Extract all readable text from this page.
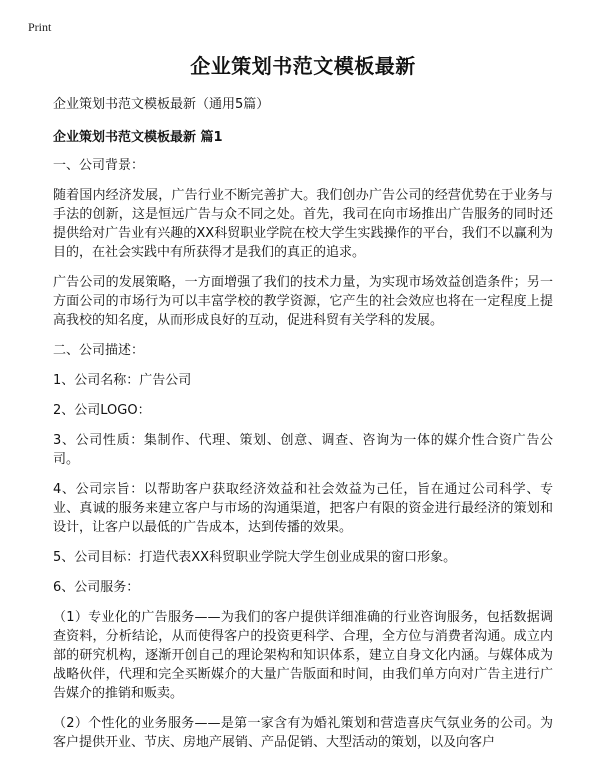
Print
企业策划书范文模板最新

企业策划书范文模板最新（通用5篇）

企业策划书范文模板最新 篇1

一、公司背景：

随着国内经济发展，广告行业不断完善扩大。我们创办广告公司的经营优势在于业务与手法的创新，这是恒远广告与众不同之处。首先，我司在向市场推出广告服务的同时还提供给对广告业有兴趣的XX科贸职业学院在校大学生实践操作的平台，我们不以赢利为目的，在社会实践中有所获得才是我们的真正的追求。

广告公司的发展策略，一方面增强了我们的技术力量，为实现市场效益创造条件；另一方面公司的市场行为可以丰富学校的教学资源，它产生的社会效应也将在一定程度上提高我校的知名度，从而形成良好的互动，促进科贸有关学科的发展。

二、公司描述：

1、公司名称：广告公司

2、公司LOGO：

3、公司性质：集制作、代理、策划、创意、调查、咨询为一体的媒介性合资广告公司。

4、公司宗旨：以帮助客户获取经济效益和社会效益为己任，旨在通过公司科学、专业、真诚的服务来建立客户与市场的沟通渠道，把客户有限的资金进行最经济的策划和设计，让客户以最低的广告成本，达到传播的效果。

5、公司目标：打造代表XX科贸职业学院大学生创业成果的窗口形象。

6、公司服务：

（1）专业化的广告服务——为我们的客户提供详细准确的行业咨询服务，包括数据调查资料，分析结论，从而使得客户的投资更科学、合理，全方位与消费者沟通。成立内部的研究机构，逐渐开创自己的理论架构和知识体系，建立自身文化内涵。与媒体成为战略伙伴，代理和完全买断媒介的大量广告版面和时间，由我们单方向对广告主进行广告媒介的推销和贩卖。

（2）个性化的业务服务——是第一家含有为婚礼策划和营造喜庆气氛业务的公司。为客户提供开业、节庆、房地产展销、产品促销、大型活动的策划，以及向客户
